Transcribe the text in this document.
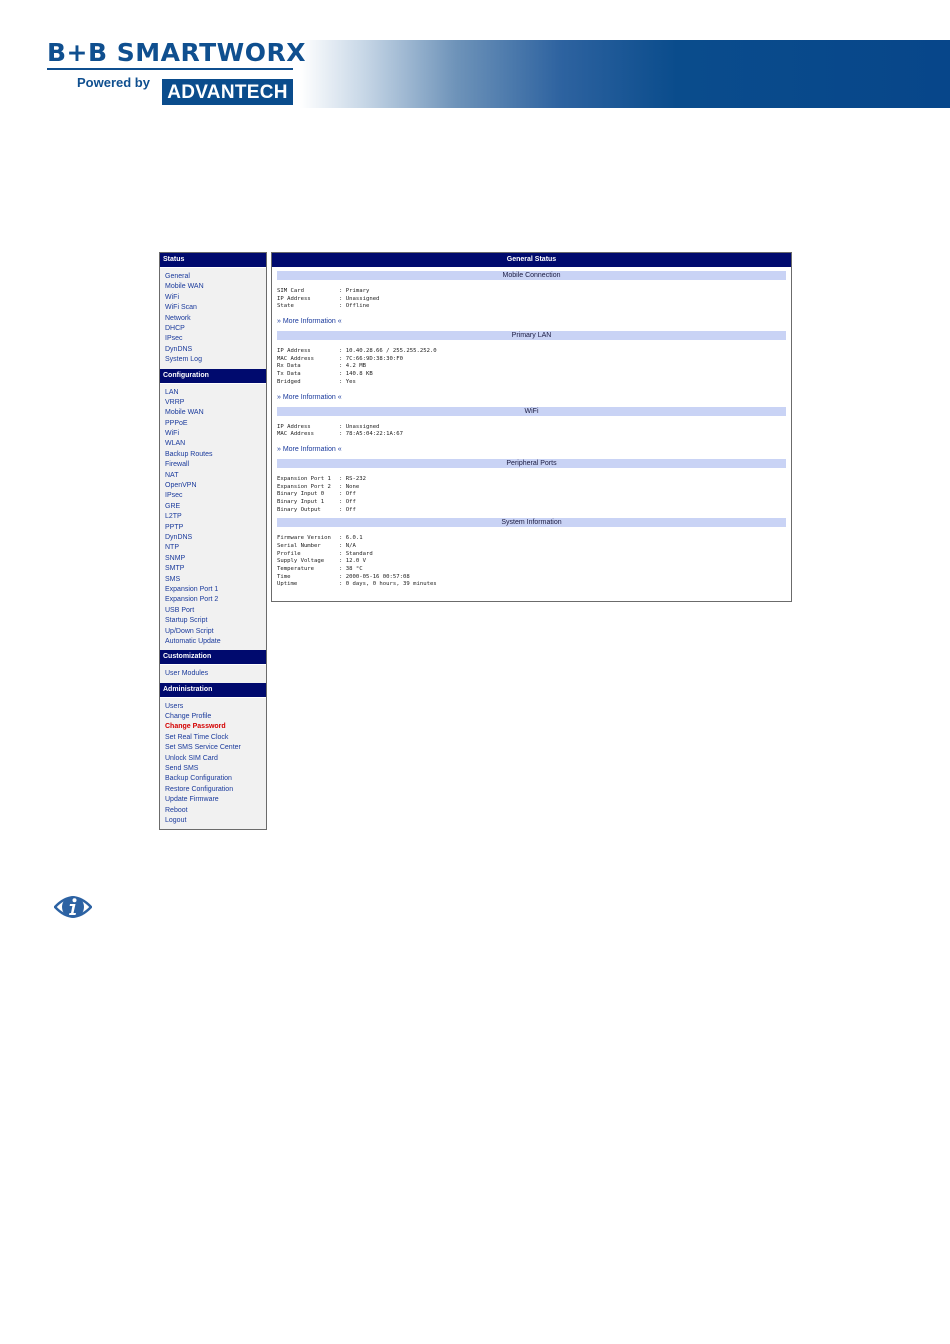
B+B SMARTWORX
Powered by ADVANTECH
Status
General
Mobile WAN
WiFi
WiFi Scan
Network
DHCP
IPsec
DynDNS
System Log
Configuration
LAN
VRRP
Mobile WAN
PPPoE
WiFi
WLAN
Backup Routes
Firewall
NAT
OpenVPN
IPsec
GRE
L2TP
PPTP
DynDNS
NTP
SNMP
SMTP
SMS
Expansion Port 1
Expansion Port 2
USB Port
Startup Script
Up/Down Script
Automatic Update
Customization
User Modules
Administration
Users
Change Profile
Change Password
Set Real Time Clock
Set SMS Service Center
Unlock SIM Card
Send SMS
Backup Configuration
Restore Configuration
Update Firmware
Reboot
Logout
General Status
Mobile Connection
SIM Card	: Primary
IP Address	: Unassigned
State	: Offline
» More Information «
Primary LAN
IP Address	: 10.40.28.66 / 255.255.252.0
MAC Address	: 7C:66:9D:38:30:F0
Rx Data	: 4.2 MB
Tx Data	: 140.8 KB
Bridged	: Yes
» More Information «
WiFi
IP Address	: Unassigned
MAC Address	: 78:A5:04:22:1A:67
» More Information «
Peripheral Ports
Expansion Port 1	: RS-232
Expansion Port 2	: None
Binary Input 0	: Off
Binary Input 1	: Off
Binary Output	: Off
System Information
Firmware Version	: 6.0.1
Serial Number	: N/A
Profile	: Standard
Supply Voltage	: 12.0 V
Temperature	: 38 °C
Time	: 2000-05-16 00:57:08
Uptime	: 0 days, 0 hours, 39 minutes
